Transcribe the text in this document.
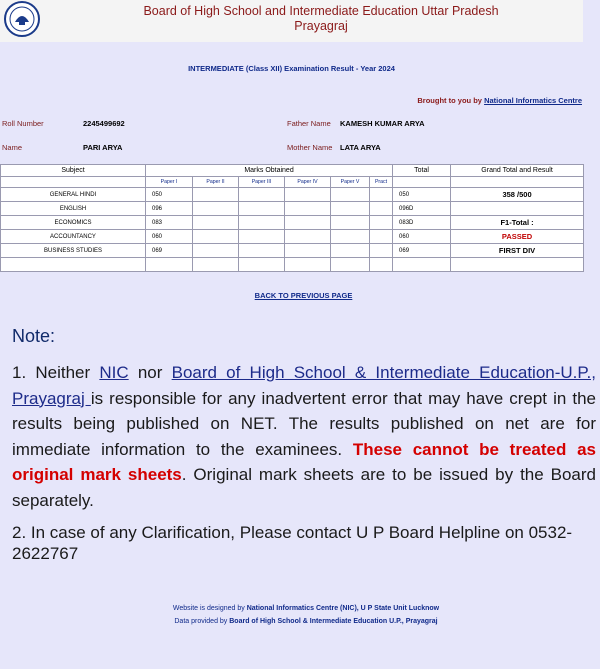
Board of High School and Intermediate Education Uttar Pradesh
Prayagraj
INTERMEDIATE (Class XII) Examination Result - Year 2024
Brought to you by National Informatics Centre
Roll Number	2245499692	Father Name KAMESH KUMAR ARYA
Name	PARI ARYA	Mother Name LATA ARYA
Subject	Marks Obtained						Total	Grand Total and Result
	Paper I	Paper II	Paper III	Paper IV	Paper V	Pract		
GENERAL HINDI	050						050	358 /500
ENGLISH	096						096D	
ECONOMICS	083						083D	F1-Total :
ACCOUNTANCY	060						060	PASSED
BUSINESS STUDIES	069						069	FIRST DIV

BACK TO PREVIOUS PAGE
Note:
1. Neither NIC nor Board of High School & Intermediate Education-U.P., Prayagraj is responsible for any inadvertent error that may have crept in the results being published on NET. The results published on net are for immediate information to the examinees. These cannot be treated as original mark sheets. Original mark sheets are to be issued by the Board separately.
2. In case of any Clarification, Please contact U P Board Helpline on 0532-2622767
Website is designed by National Informatics Centre (NIC), U P State Unit Lucknow
Data provided by Board of High School & Intermediate Education U.P., Prayagraj
